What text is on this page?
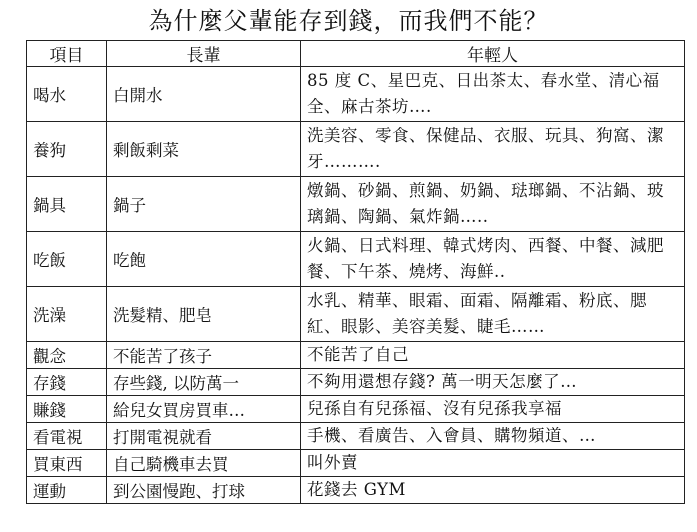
為什麼父輩能存到錢，而我們不能？
項目	長輩	年輕人
喝水	白開水	85 度 C、星巴克、日出茶太、春水堂、清心福全、麻古茶坊….
養狗	剩飯剩菜	洗美容、零食、保健品、衣服、玩具、狗窩、潔牙……….
鍋具	鍋子	燉鍋、砂鍋、煎鍋、奶鍋、琺瑯鍋、不沾鍋、玻璃鍋、陶鍋、氣炸鍋…..
吃飯	吃飽	火鍋、日式料理、韓式烤肉、西餐、中餐、減肥餐、下午茶、燒烤、海鮮..
洗澡	洗髮精、肥皂	水乳、精華、眼霜、面霜、隔離霜、粉底、腮紅、眼影、美容美髮、睫毛……
觀念	不能苦了孩子	不能苦了自己
存錢	存些錢, 以防萬一	不夠用還想存錢? 萬一明天怎麼了…
賺錢	給兒女買房買車…	兒孫自有兒孫福、沒有兒孫我享福
看電視	打開電視就看	手機、看廣告、入會員、購物頻道、…
買東西	自己騎機車去買	叫外賣
運動	到公園慢跑、打球	花錢去 GYM
